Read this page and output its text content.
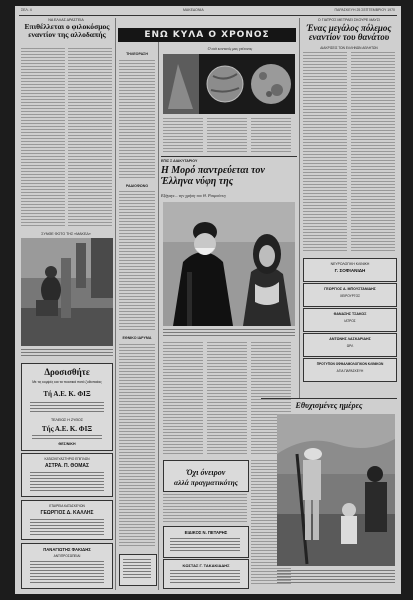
ΣΕΛ. 4	ΜΑΚΕΔΟΝΙΑ	ΠΑΡΑΣΚΕΥΗ 25 ΣΕΠΤΕΜΒΡΙΟΥ 1970
ΝΑ ΕΛΛΑΣ ΔΡΑΣΤΕΙΑ
Επιθέλλεται ο φιλοκόσμος εναντίον της αλλοδαπής
ΣΥΝΘΕ ΦΟΤΟ ΤΗΣ «ΜΑΚΕΔ»
Δροσισθήτε
Με τις κομψές και τα ποιοτικά ποτά ζυθοποιίας
Τή Α.Ε. Κ. ΦΙΞ
ΤΕΛΕΙΩΣ Η ΖΥΘΟΣ
Τής Α.Ε. Κ. ΦΙΞ
ΘΕΣ/ΝΙΚΗ
ΚΑΤΑΣΚΕΥΑΣΤΗΡΙΟ ΕΠΙΠΛΩΝ
ΑΣΤΡΑ. Π. ΘΟΜΑΣ
ΕΤΑΙΡΕΙΑ ΚΑΤΑΣΚΕΥΩΝ
ΓΕΩΡΓΙΟΣ Δ. ΚΑΛΛΗΣ
ΠΑΝΑΓΙΩΤΗΣ ΦΑΚΙΔΗΣ
ΑΝΤΙΠΡΟΣΩΠΕΙΑΙ
ΤΗΛΕΟΡΑΣΗ
ΡΑΔΙΟΦΩΝΟ
ΕΘΝΙΚΟ ΙΔΡΥΜΑ
ΕΝΩ ΚΥΛΑ Ο ΧΡΟΝΟΣ
Ο σιά κοντινός μας γείτονας
ΕΠΙΣ Σ ΔΙΑΚΥΤΑΡΙΟΥ
Η Μορό παντρεύεται τον Έλληνα νύφη της
Εξήγαγε... την χρήση του Θ. Ραιμούντη
Όχι όνειρον
αλλά πραγματικότης
ΕΙΔΙΚΟΣ Ν. ΠΕΤΑΡΗΣ
ΚΩΣΤΑΣ Γ. ΤΑΚΑΚΙΑΔΗΣ
Ο ΓΙΑΤΡΟΣ ΜΕΤΡΑΕΙ ΣΚΟΥΡΕ ΜΑΥΣΙ
Ένας μεγάλος πόλεμος εναντίον του θανάτου
ΔΙΑΚΡΙΣΕΙΣ ΤΩΝ ΕΛΛΗΝΩΝ ΑΘΛΗΤΩΝ
ΝΕΥΡΟΛΟΓΙΚΗ ΚΛΙΝΙΚΗ
Γ. ΣΟΦΙΑΝΙΔΗ
ΓΕΩΡΓΙΟΣ Α. ΜΠΟΥΣΤΑΝΙΔΗΣ
ΧΕΙΡΟΥΡΓΟΣ
ΘΑΝΑΣΗΣ ΤΣΑΚΟΣ
ΙΑΤΡΟΣ
ΑΝΤΩΝΗΣ ΛΑΣΚΑΡΙΔΗΣ
ΩΡΛ
ΠΡΟΤΥΠΟΝ ΟΦΘΑΛΜΟΛΟΓΙΚΟΝ ΚΛΙΝΙΚΟΝ
ΑΓΙΑ ΠΑΡΑΣΚΕΥΗ
Εθυχισμένες ημέρες
